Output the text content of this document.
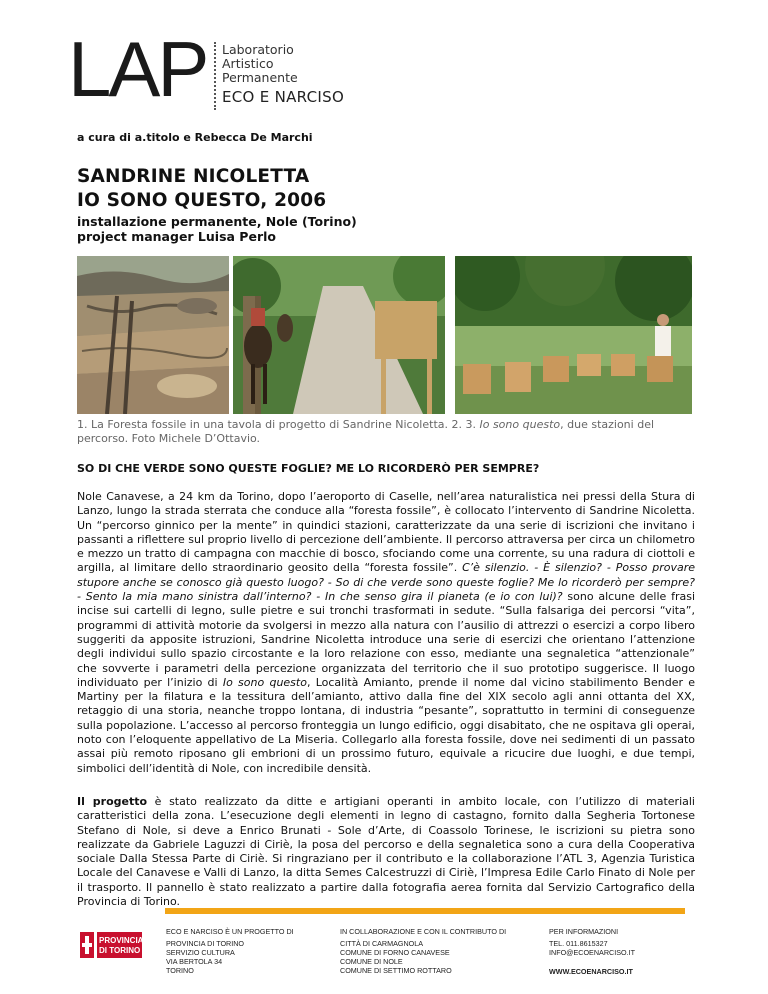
LAP Laboratorio
Artistico
Permanente
ECO E NARCISO
a cura di a.titolo e Rebecca De Marchi
SANDRINE NICOLETTA
IO SONO QUESTO, 2006
installazione permanente, Nole (Torino)
project manager Luisa Perlo
1. La Foresta fossile in una tavola di progetto di Sandrine Nicoletta. 2. 3. Io sono questo, due stazioni del percorso. Foto Michele D’Ottavio.
SO DI CHE VERDE SONO QUESTE FOGLIE? ME LO RICORDERÒ PER SEMPRE?

Nole Canavese, a 24 km da Torino, dopo l’aeroporto di Caselle, nell’area naturalistica nei pressi della Stura di Lanzo, lungo la strada sterrata che conduce alla “foresta fossile”, è collocato l’intervento di Sandrine Nicoletta. Un “percorso ginnico per la mente” in quindici stazioni, caratterizzate da una serie di iscrizioni che invitano i passanti a riflettere sul proprio livello di percezione dell’ambiente. Il percorso attraversa per circa un chilometro e mezzo un tratto di campagna con macchie di bosco, sfociando come una corrente, su una radura di ciottoli e argilla, al limitare dello straordinario geosito della “foresta fossile”. C’è silenzio. - È silenzio? - Posso provare stupore anche se conosco già questo luogo? - So di che verde sono queste foglie? Me lo ricorderò per sempre? - Sento la mia mano sinistra dall’interno? - In che senso gira il pianeta (e io con lui)? sono alcune delle frasi incise sui cartelli di legno, sulle pietre e sui tronchi trasformati in sedute. “Sulla falsariga dei percorsi “vita”, programmi di attività motorie da svolgersi in mezzo alla natura con l’ausilio di attrezzi o esercizi a corpo libero suggeriti da apposite istruzioni, Sandrine Nicoletta introduce una serie di esercizi che orientano l’attenzione degli individui sullo spazio circostante e la loro relazione con esso, mediante una segnaletica “attenzionale” che sovverte i parametri della percezione organizzata del territorio che il suo prototipo suggerisce. Il luogo individuato per l’inizio di Io sono questo, Località Amianto, prende il nome dal vicino stabilimento Bender e Martiny per la filatura e la tessitura dell’amianto, attivo dalla fine del XIX secolo agli anni ottanta del XX, retaggio di una storia, neanche troppo lontana, di industria “pesante”, soprattutto in termini di conseguenze sulla popolazione. L’accesso al percorso fronteggia un lungo edificio, oggi disabitato, che ne ospitava gli operai, noto con l’eloquente appellativo de La Miseria. Collegarlo alla foresta fossile, dove nei sedimenti di un passato assai più remoto riposano gli embrioni di un prossimo futuro, equivale a ricucire due luoghi, e due tempi, simbolici dell’identità di Nole, con incredibile densità.

Il progetto è stato realizzato da ditte e artigiani operanti in ambito locale, con l’utilizzo di materiali caratteristici della zona. L’esecuzione degli elementi in legno di castagno, fornito dalla Segheria Tortonese Stefano di Nole, si deve a Enrico Brunati - Sole d’Arte, di Coassolo Torinese, le iscrizioni su pietra sono realizzate da Gabriele Laguzzi di Ciriè, la posa del percorso e della segnaletica sono a cura della Cooperativa sociale Dalla Stessa Parte di Ciriè. Si ringraziano per il contributo e la collaborazione l’ATL 3, Agenzia Turistica Locale del Canavese e Valli di Lanzo, la ditta Semes Calcestruzzi di Ciriè, l’Impresa Edile Carlo Finato di Nole per il trasporto. Il pannello è stato realizzato a partire dalla fotografia aerea fornita dal Servizio Cartografico della Provincia di Torino.

PROVINCIA
DI TORINO
ECO E NARCISO È UN PROGETTO DI
PROVINCIA DI TORINO
SERVIZIO CULTURA
VIA BERTOLA 34
TORINO
IN COLLABORAZIONE E CON IL CONTRIBUTO DI
CITTÀ DI CARMAGNOLA
COMUNE DI FORNO CANAVESE
COMUNE DI NOLE
COMUNE DI SETTIMO ROTTARO
PER INFORMAZIONI
TEL. 011.8615327
INFO@ECOENARCISO.IT
WWW.ECOENARCISO.IT
